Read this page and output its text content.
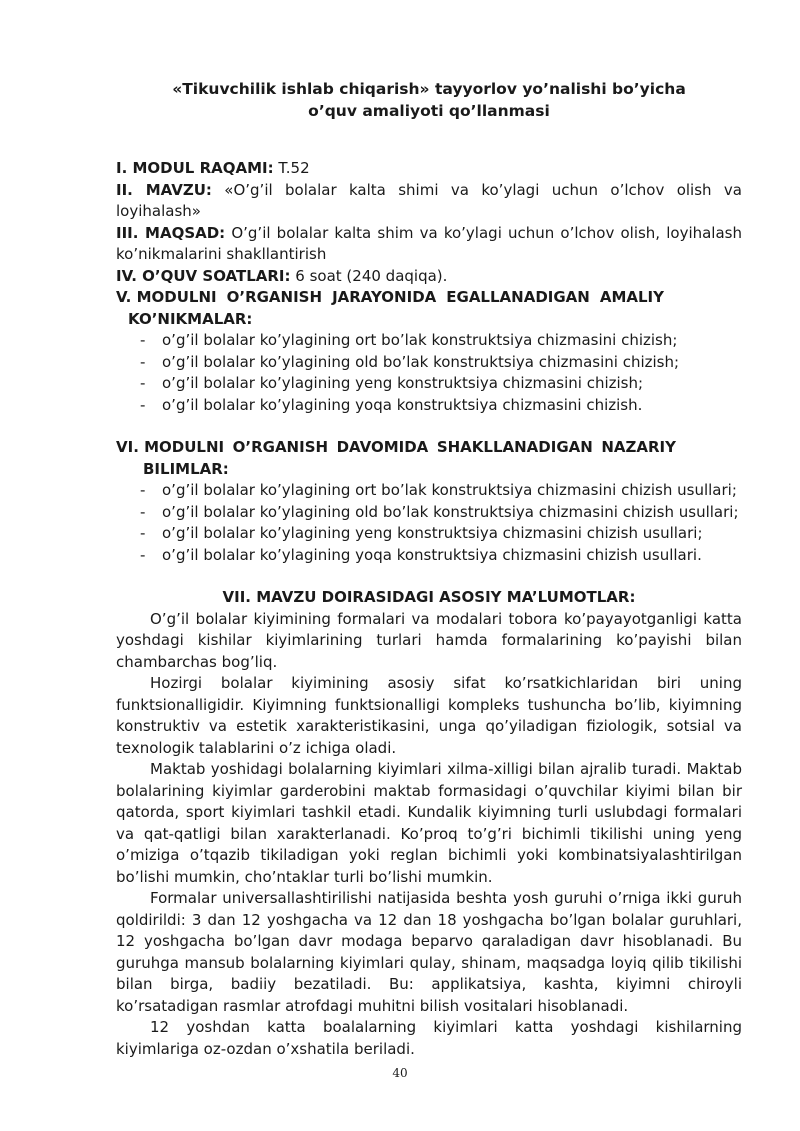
«Tikuvchilik ishlab chiqarish» tayyorlov yo’nalishi bo’yicha
o’quv amaliyoti qo’llanmasi

I. MODUL RAQAMI: T.52

II. MAVZU: «O’g’il bolalar kalta shimi va ko’ylagi uchun o’lchov olish va loyihalash»

III. MAQSAD: O’g’il bolalar kalta shim va ko’ylagi uchun o’lchov olish, loyihalash ko’nikmalarini shakllantirish

IV. O’QUV SOATLARI: 6 soat (240 daqiqa).

V. MODULNI O’RGANISH JARAYONIDA EGALLANADIGAN AMALIY
KO’NIKMALAR:
- o’g’il bolalar ko’ylagining ort bo’lak konstruktsiya chizmasini chizish;
- o’g’il bolalar ko’ylagining old bo’lak konstruktsiya chizmasini chizish;
- o’g’il bolalar ko’ylagining yeng konstruktsiya chizmasini chizish;
- o’g’il bolalar ko’ylagining yoqa konstruktsiya chizmasini chizish.
VI. MODULNI O’RGANISH DAVOMIDA SHAKLLANADIGAN NAZARIY
BILIMLAR:
- o’g’il bolalar ko’ylagining ort bo’lak konstruktsiya chizmasini chizish usullari;
- o’g’il bolalar ko’ylagining old bo’lak konstruktsiya chizmasini chizish usullari;
- o’g’il bolalar ko’ylagining yeng konstruktsiya chizmasini chizish usullari;
- o’g’il bolalar ko’ylagining yoqa konstruktsiya chizmasini chizish usullari.

VII. MAVZU DOIRASIDAGI ASOSIY MA’LUMOTLAR:

O’g’il bolalar kiyimining formalari va modalari tobora ko’payayotganligi katta yoshdagi kishilar kiyimlarining turlari hamda formalarining ko’payishi bilan chambarchas bog’liq.

Hozirgi bolalar kiyimining asosiy sifat ko’rsatkichlaridan biri uning funktsionalligidir. Kiyimning funktsionalligi kompleks tushuncha bo’lib, kiyimning konstruktiv va estetik xarakteristikasini, unga qo’yiladigan fiziologik, sotsial va texnologik talablarini o’z ichiga oladi.

Maktab yoshidagi bolalarning kiyimlari xilma-xilligi bilan ajralib turadi. Maktab bolalarining kiyimlar garderobini maktab formasidagi o’quvchilar kiyimi bilan bir qatorda, sport kiyimlari tashkil etadi. Kundalik kiyimning turli uslubdagi formalari va qat-qatligi bilan xarakterlanadi. Ko’proq to’g’ri bichimli tikilishi uning yeng o’miziga o’tqazib tikiladigan yoki reglan bichimli yoki kombinatsiyalashtirilgan bo’lishi mumkin, cho’ntaklar turli bo’lishi mumkin.

Formalar universallashtirilishi natijasida beshta yosh guruhi o’rniga ikki guruh qoldirildi: 3 dan 12 yoshgacha va 12 dan 18 yoshgacha bo’lgan bolalar guruhlari, 12 yoshgacha bo’lgan davr modaga beparvo qaraladigan davr hisoblanadi. Bu guruhga mansub bolalarning kiyimlari qulay, shinam, maqsadga loyiq qilib tikilishi bilan birga, badiiy bezatiladi. Bu: applikatsiya, kashta, kiyimni chiroyli ko’rsatadigan rasmlar atrofdagi muhitni bilish vositalari hisoblanadi.

12 yoshdan katta boalalarning kiyimlari katta yoshdagi kishilarning kiyimlariga oz-ozdan o’xshatila beriladi.

40
